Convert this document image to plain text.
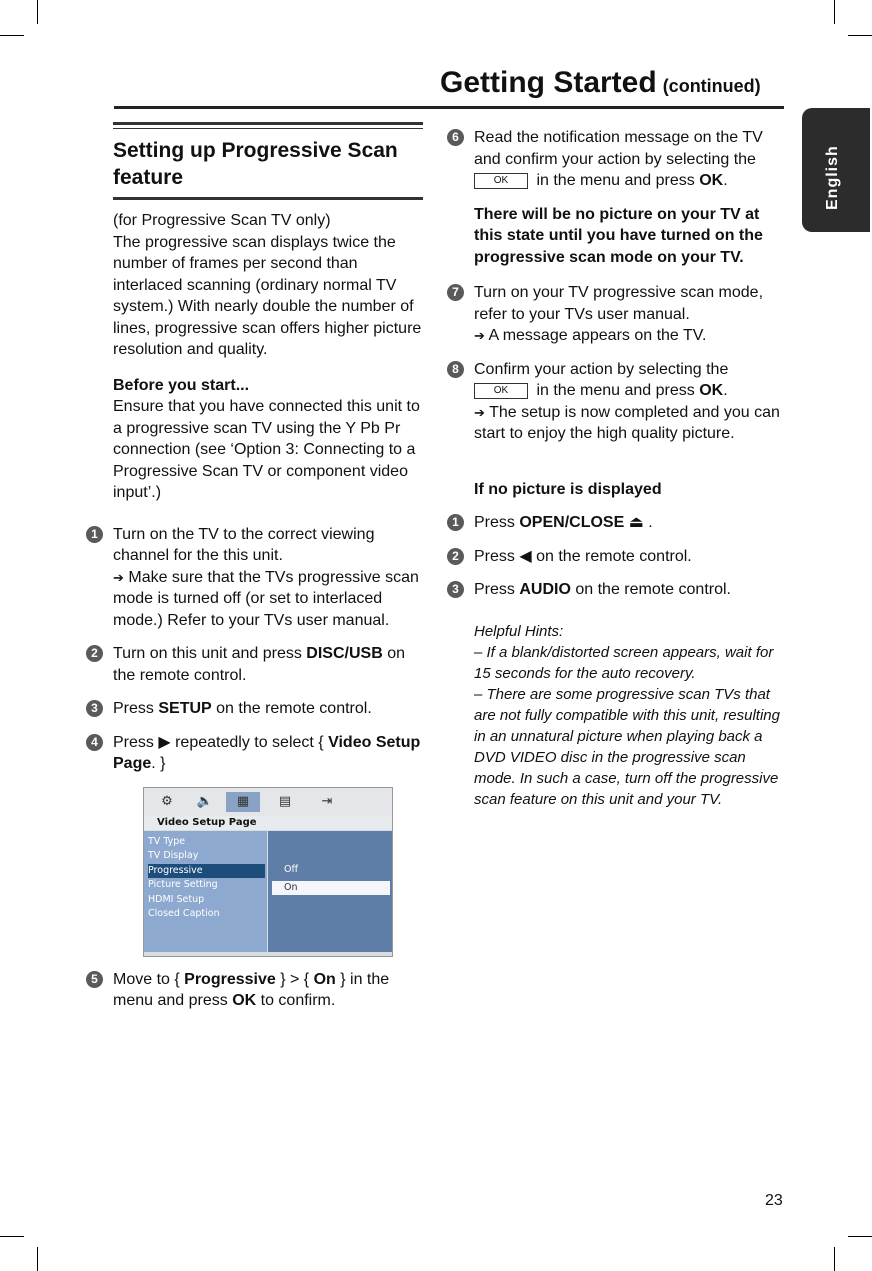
Getting Started (continued)
English
Setting up Progressive Scan feature

(for Progressive Scan TV only)
The progressive scan displays twice the number of frames per second than interlaced scanning (ordinary normal TV system.) With nearly double the number of lines, progressive scan offers higher picture resolution and quality.

Before you start...
Ensure that you have connected this unit to a progressive scan TV using the Y Pb Pr connection (see ‘Option 3: Connecting to a Progressive Scan TV or component video input’.)

1 Turn on the TV to the correct viewing channel for the this unit.
➔ Make sure that the TVs progressive scan mode is turned off (or set to interlaced mode.) Refer to your TVs user manual.
2 Turn on this unit and press DISC/USB on the remote control.
3 Press SETUP on the remote control.
4 Press ▶ repeatedly to select { Video Setup Page. }
⚙	🔈	▦	▤	⇥
Video Setup Page
TV Type
TV Display
Progressive
Picture Setting
HDMI Setup
Closed Caption
Off
On
5 Move to { Progressive } > { On } in the menu and press OK to confirm.
6 Read the notification message on the TV and confirm your action by selecting the OK in the menu and press OK.

There will be no picture on your TV at this state until you have turned on the progressive scan mode on your TV.

7 Turn on your TV progressive scan mode, refer to your TVs user manual.
➔ A message appears on the TV.
8 Confirm your action by selecting the OK in the menu and press OK.
➔ The setup is now completed and you can start to enjoy the high quality picture.

If no picture is displayed

1 Press OPEN/CLOSE ⏏ .
2 Press ◀ on the remote control.
3 Press AUDIO on the remote control.
Helpful Hints:
– If a blank/distorted screen appears, wait for 15 seconds for the auto recovery.
– There are some progressive scan TVs that are not fully compatible with this unit, resulting in an unnatural picture when playing back a DVD VIDEO disc in the progressive scan mode. In such a case, turn off the progressive scan feature on this unit and your TV.
23
